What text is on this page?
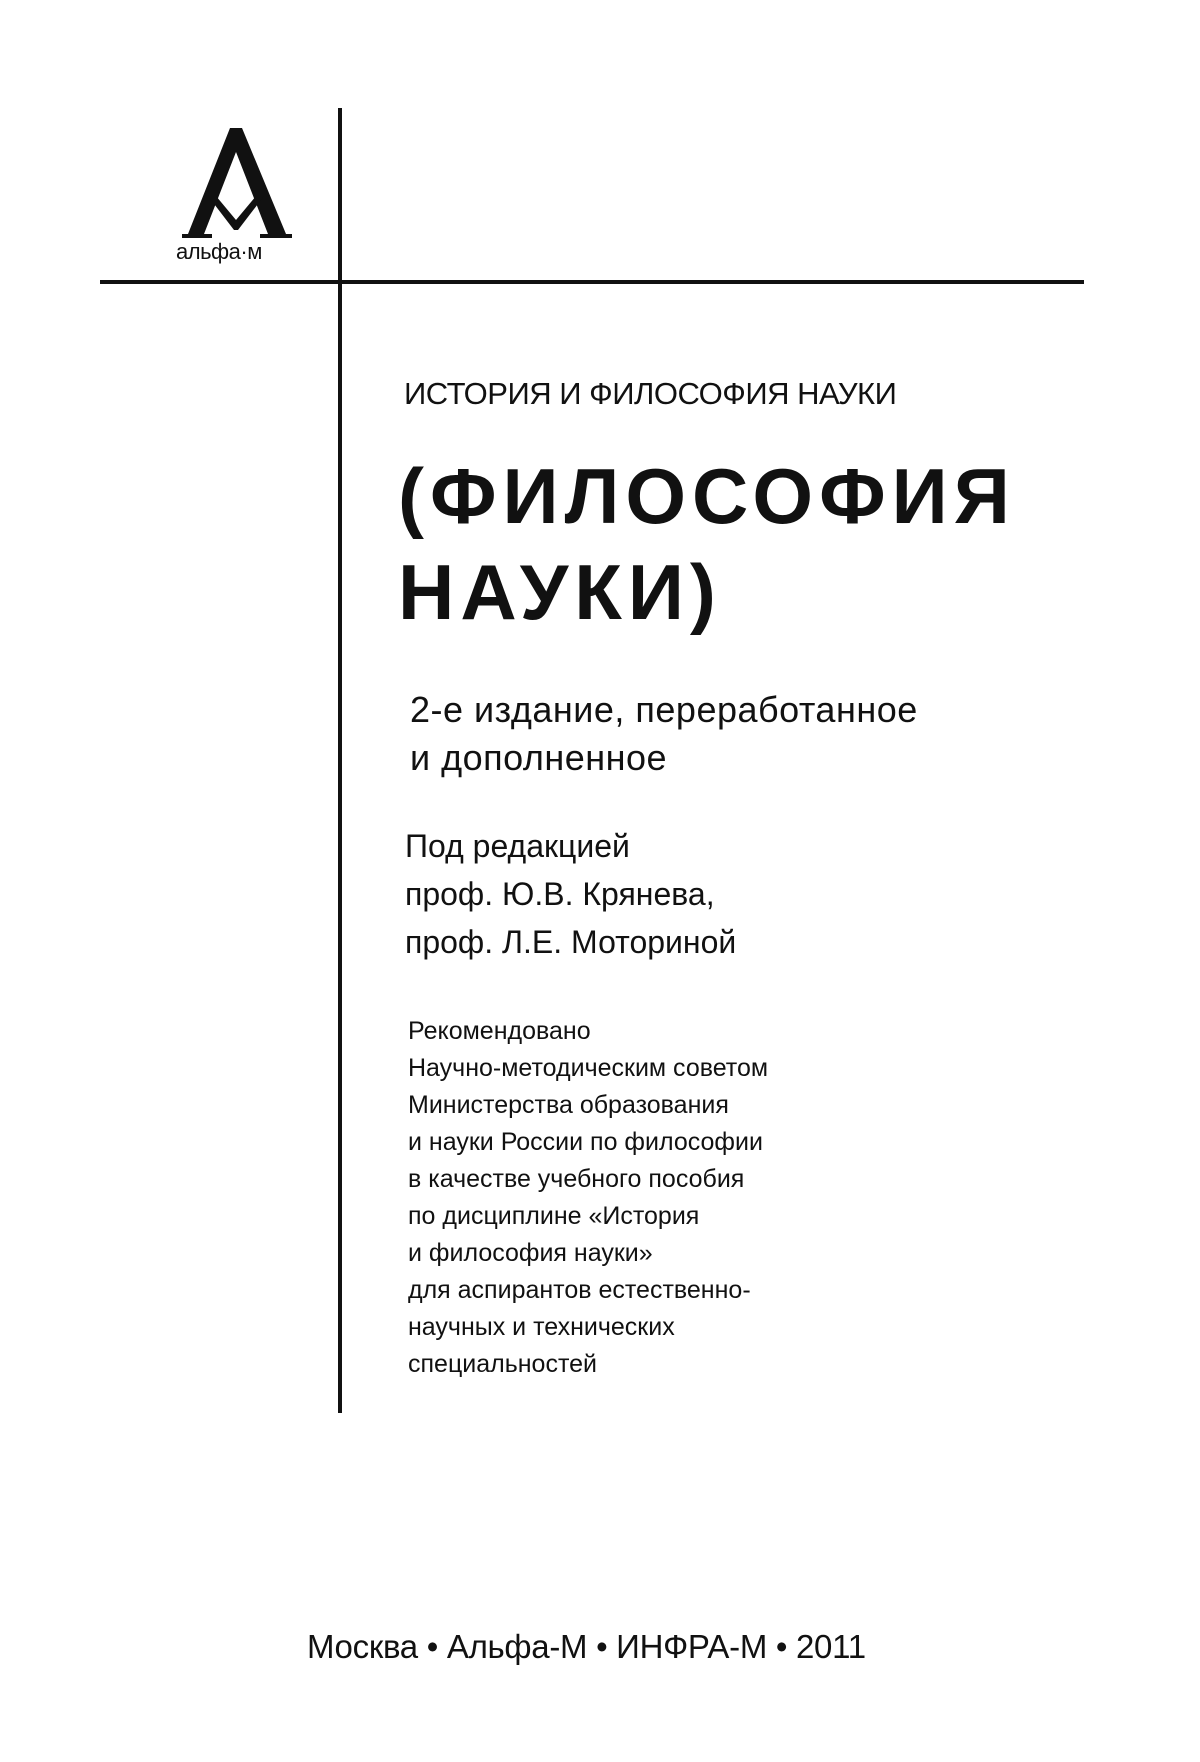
альфа·м
ИСТОРИЯ И ФИЛОСОФИЯ НАУКИ
(ФИЛОСОФИЯ
НАУКИ)
2-е издание, переработанное
и дополненное
Под редакцией
проф. Ю.В. Крянева,
проф. Л.Е. Моториной
Рекомендовано
Научно-методическим советом
Министерства образования
и науки России по философии
в качестве учебного пособия
по дисциплине «История
и философия науки»
для аспирантов естественно-
научных и технических
специальностей
Москва • Альфа-М • ИНФРА-М • 2011
